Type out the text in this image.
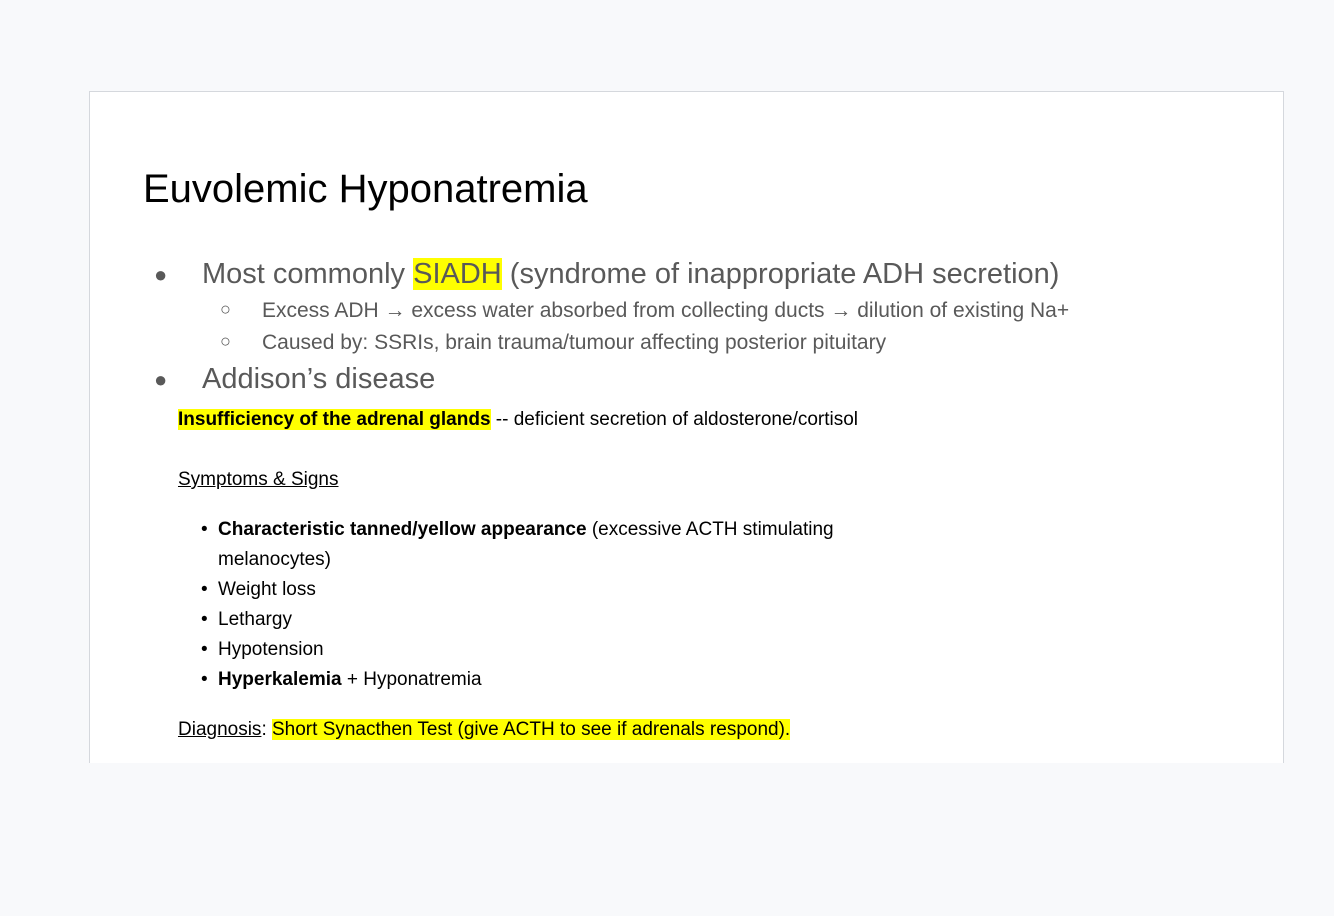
Euvolemic Hyponatremia
● Most commonly SIADH (syndrome of inappropriate ADH secretion)
○ Excess ADH → excess water absorbed from collecting ducts → dilution of existing Na+
○ Caused by: SSRIs, brain trauma/tumour affecting posterior pituitary
● Addison’s disease
Insufficiency of the adrenal glands -- deficient secretion of aldosterone/cortisol
Symptoms & Signs
• Characteristic tanned/yellow appearance (excessive ACTH stimulating
melanocytes)
• Weight loss
• Lethargy
• Hypotension
• Hyperkalemia + Hyponatremia
Diagnosis: Short Synacthen Test (give ACTH to see if adrenals respond).
